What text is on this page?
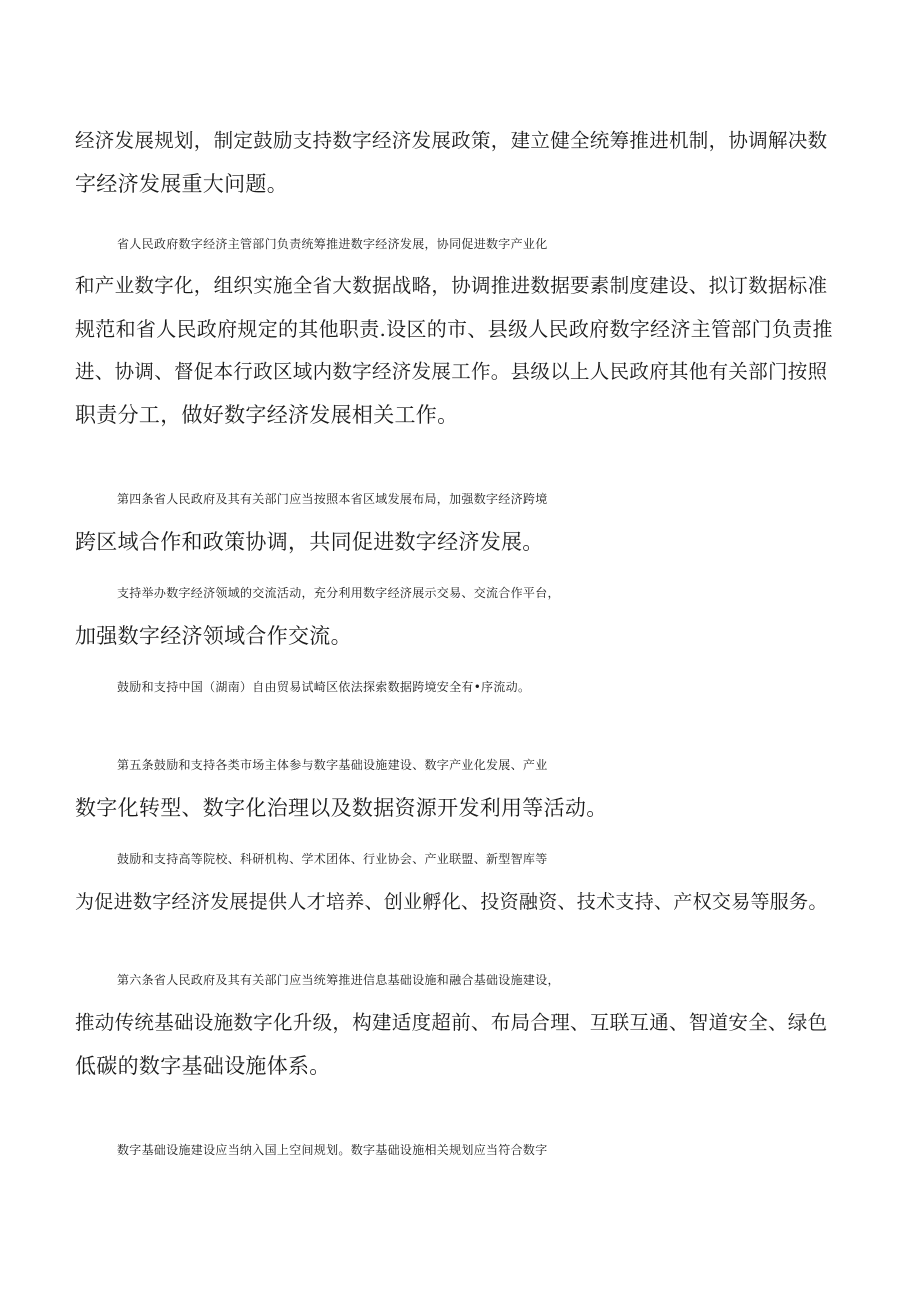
经济发展规划，制定鼓励支持数字经济发展政策，建立健全统筹推进机制，协调解决数
字经济发展重大问题。
省人民政府数字经济主管部门负责统筹推进数字经济发展，协同促进数字产业化
和产业数字化，组织实施全省大数据战略，协调推进数据要素制度建设、拟订数据标准
规范和省人民政府规定的其他职责.设区的市、县级人民政府数字经济主管部门负责推
进、协调、督促本行政区域内数字经济发展工作。县级以上人民政府其他有关部门按照
职责分工，做好数字经济发展相关工作。
第四条省人民政府及其有关部门应当按照本省区域发展布局，加强数字经济跨境
跨区域合作和政策协调，共同促进数字经济发展。
支持举办数字经济领域的交流活动，充分利用数字经济展示交易、交流合作平台，
加强数字经济领域合作交流。
鼓励和支持中国（湖南）自由贸易试崎区依法探索数据跨境安全有•序流动。
第五条鼓励和支持各类市场主体参与数字基础设施建设、数字产业化发展、产业
数字化转型、数字化治理以及数据资源开发利用等活动。
鼓励和支持高等院校、科研机构、学术团体、行业协会、产业联盟、新型智库等
为促进数字经济发展提供人才培养、创业孵化、投资融资、技术支持、产权交易等服务。
第六条省人民政府及其有关部门应当统筹推进信息基础设施和融合基础设施建设，
推动传统基础设施数字化升级，构建适度超前、布局合理、互联互通、智道安全、绿色
低碳的数字基础设施体系。
数字基础设施建设应当纳入国上空间规划。数字基础设施相关规划应当符合数字
